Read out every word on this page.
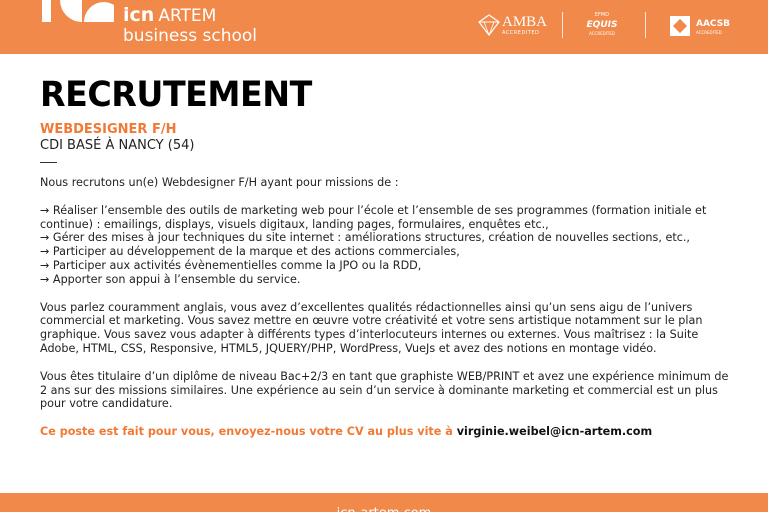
icn ARTEM
business school
AMBA
ACCREDITED
EFMD
EQUIS
ACCREDITED
AACSB
ACCREDITED
RECRUTEMENT
WEBDESIGNER F/H
CDI BASÉ À NANCY (54)

Nous recrutons un(e) Webdesigner F/H ayant pour missions de :

→ Réaliser l’ensemble des outils de marketing web pour l’école et l’ensemble de ses programmes (formation initiale et continue) : emailings, displays, visuels digitaux, landing pages, formulaires, enquêtes etc.,
→ Gérer des mises à jour techniques du site internet : améliorations structures, création de nouvelles sections, etc.,
→ Participer au développement de la marque et des actions commerciales,
→ Participer aux activités évènementielles comme la JPO ou la RDD,
→ Apporter son appui à l’ensemble du service.

Vous parlez couramment anglais, vous avez d’excellentes qualités rédactionnelles ainsi qu’un sens aigu de l’univers commercial et marketing. Vous savez mettre en œuvre votre créativité et votre sens artistique notamment sur le plan graphique. Vous savez vous adapter à différents types d’interlocuteurs internes ou externes. Vous maîtrisez : la Suite Adobe, HTML, CSS, Responsive, HTML5, JQUERY/PHP, WordPress, VueJs et avez des notions en montage vidéo.

Vous êtes titulaire d’un diplôme de niveau Bac+2/3 en tant que graphiste WEB/PRINT et avez une expérience minimum de 2 ans sur des missions similaires. Une expérience au sein d’un service à dominante marketing et commercial est un plus pour votre candidature.

Ce poste est fait pour vous, envoyez-nous votre CV au plus vite à virginie.weibel@icn-artem.com

$_{icn-artem.com}$
